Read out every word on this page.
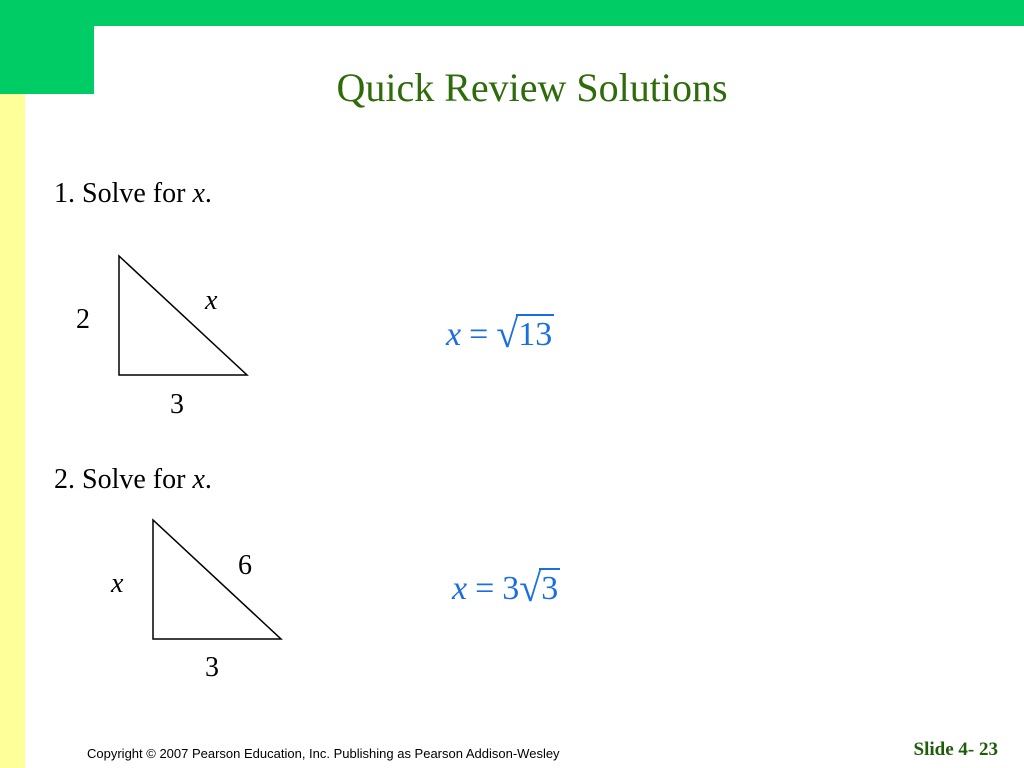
Quick Review Solutions
1. Solve for x.
2
x
3
x = √13
2. Solve for x.
x
6
3
x = 3√3
Copyright © 2007 Pearson Education, Inc. Publishing as Pearson Addison-Wesley	Slide 4- 23
